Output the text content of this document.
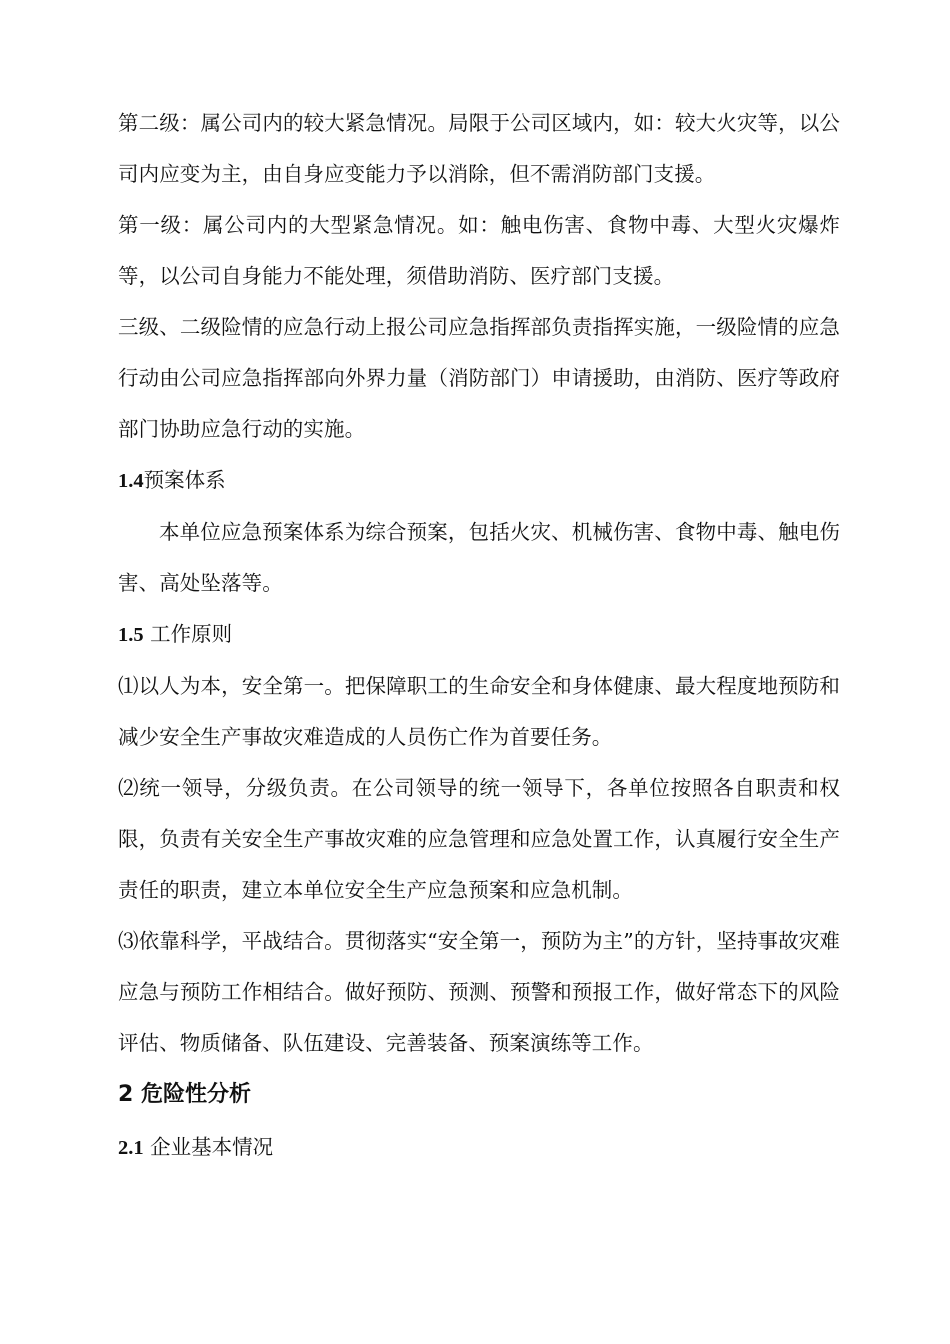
第二级：属公司内的较大紧急情况。局限于公司区域内，如：较大火灾等，以公司内应变为主，由自身应变能力予以消除，但不需消防部门支援。

第一级：属公司内的大型紧急情况。如：触电伤害、食物中毒、大型火灾爆炸等，以公司自身能力不能处理，须借助消防、医疗部门支援。

三级、二级险情的应急行动上报公司应急指挥部负责指挥实施，一级险情的应急行动由公司应急指挥部向外界力量（消防部门）申请援助，由消防、医疗等政府部门协助应急行动的实施。

1.4预案体系

本单位应急预案体系为综合预案，包括火灾、机械伤害、食物中毒、触电伤害、高处坠落等。

1.5 工作原则

⑴以人为本，安全第一。把保障职工的生命安全和身体健康、最大程度地预防和减少安全生产事故灾难造成的人员伤亡作为首要任务。

⑵统一领导，分级负责。在公司领导的统一领导下，各单位按照各自职责和权限，负责有关安全生产事故灾难的应急管理和应急处置工作，认真履行安全生产责任的职责，建立本单位安全生产应急预案和应急机制。

⑶依靠科学，平战结合。贯彻落实“安全第一，预防为主”的方针，坚持事故灾难应急与预防工作相结合。做好预防、预测、预警和预报工作，做好常态下的风险评估、物质储备、队伍建设、完善装备、预案演练等工作。

2 危险性分析
2.1 企业基本情况
